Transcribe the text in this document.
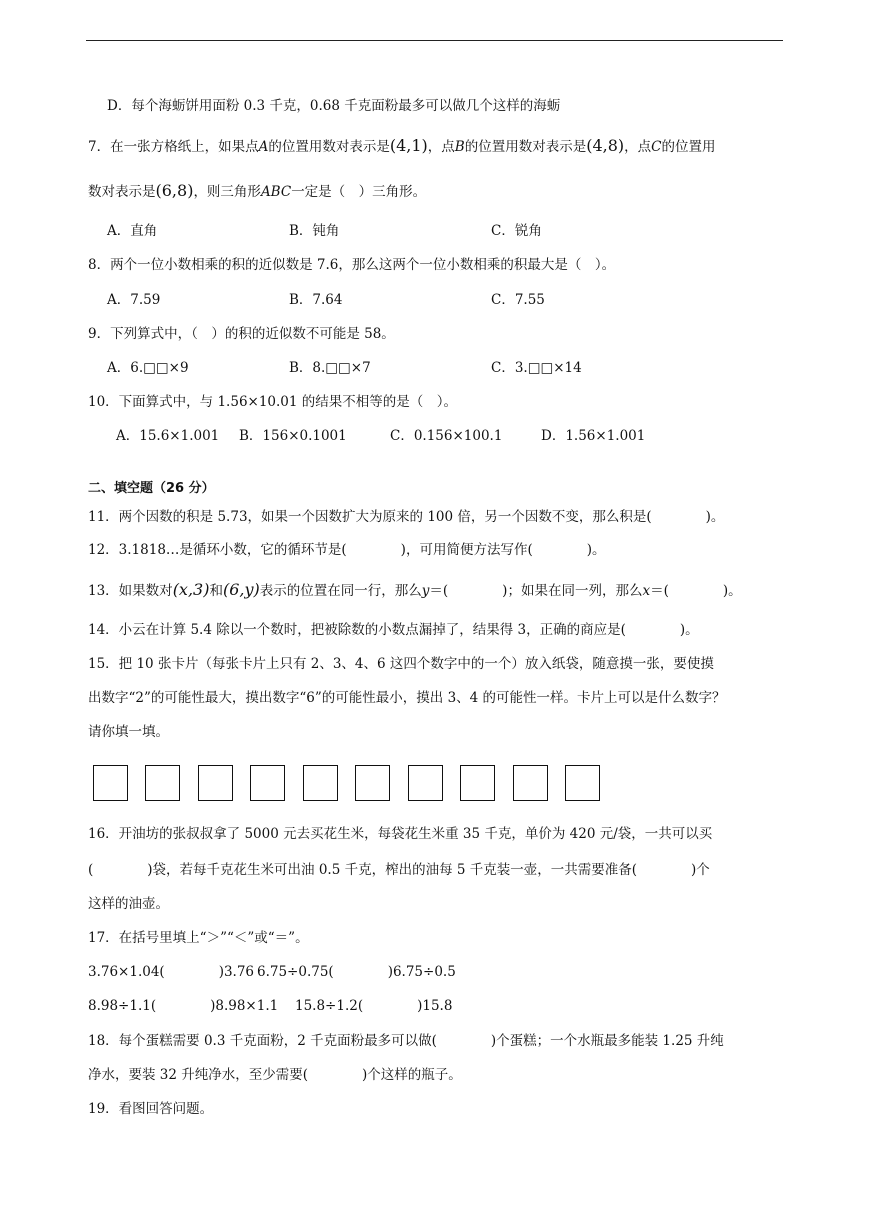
D．每个海蛎饼用面粉 0.3 千克，0.68 千克面粉最多可以做几个这样的海蛎
7．在一张方格纸上，如果点A的位置用数对表示是(4,1)，点B的位置用数对表示是(4,8)，点C的位置用
数对表示是(6,8)，则三角形ABC一定是（　）三角形。
A．直角	B．钝角	C．锐角
8．两个一位小数相乘的积的近似数是 7.6，那么这两个一位小数相乘的积最大是（　）。
A．7.59	B．7.64	C．7.55
9．下列算式中，（　）的积的近似数不可能是 58。
A．6.□□×9	B．8.□□×7	C．3.□□×14
10．下面算式中，与 1.56×10.01 的结果不相等的是（　）。
A．15.6×1.001 B．156×0.1001	C．0.156×100.1	D．1.56×1.001
二、填空题（26 分）
11．两个因数的积是 5.73，如果一个因数扩大为原来的 100 倍，另一个因数不变，那么积是(　　　　)。
12．3.1818…是循环小数，它的循环节是(　　　　)，可用简便方法写作(　　　　)。
13．如果数对(x,3)和(6,y)表示的位置在同一行，那么y＝(　　　　)；如果在同一列，那么x＝(　　　　)。
14．小云在计算 5.4 除以一个数时，把被除数的小数点漏掉了，结果得 3，正确的商应是(　　　　)。
15．把 10 张卡片（每张卡片上只有 2、3、4、6 这四个数字中的一个）放入纸袋，随意摸一张，要使摸
出数字“2”的可能性最大，摸出数字“6”的可能性最小，摸出 3、4 的可能性一样。卡片上可以是什么数字？
请你填一填。
16．开油坊的张叔叔拿了 5000 元去买花生米，每袋花生米重 35 千克，单价为 420 元/袋，一共可以买
(　　　　)袋，若每千克花生米可出油 0.5 千克，榨出的油每 5 千克装一壶，一共需要准备(　　　　)个
这样的油壶。
17．在括号里填上“＞”“＜”或“＝”。
3.76×1.04(　　　　)3.76 6.75÷0.75(　　　　)6.75÷0.5
8.98÷1.1(　　　　)8.98×1.1 15.8÷1.2(　　　　)15.8
18．每个蛋糕需要 0.3 千克面粉，2 千克面粉最多可以做(　　　　)个蛋糕；一个水瓶最多能装 1.25 升纯
净水，要装 32 升纯净水，至少需要(　　　　)个这样的瓶子。
19．看图回答问题。
